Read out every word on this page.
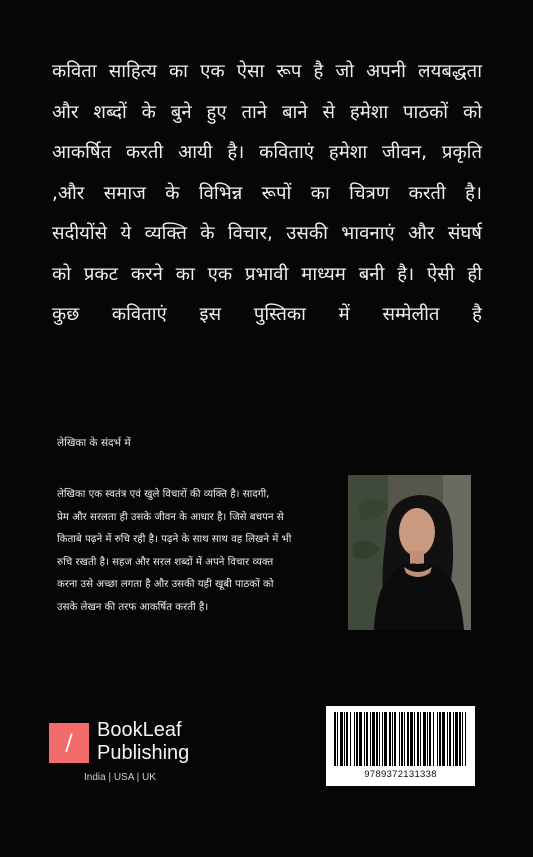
कविता साहित्य का एक ऐसा रूप है जो अपनी लयबद्धता
और शब्दों के बुने हुए ताने बाने से हमेशा पाठकों को
आकर्षित करती आयी है। कविताएं हमेशा जीवन, प्रकृति
,और समाज के विभिन्न रूपों का चित्रण करती है।
सदीयोंसे ये व्यक्ति के विचार, उसकी भावनाएं और संघर्ष
को प्रकट करने का एक प्रभावी माध्यम बनी है। ऐसी ही
कुछ कविताएं इस पुस्तिका में सम्मेलीत है
लेखिका के संदर्भ में
लेखिका एक स्वतंत्र एवं खुले विचारों की व्यक्ति है। सादगी,
प्रेम और सरलता ही उसके जीवन के आधार है। जिसे बचपन से
किताबे पढ़ने में रुचि रही है। पढ़ने के साथ साथ वह लिखने में भी
रुचि रखती है। सहज और सरल शब्दों में अपने विचार व्यक्त
करना उसे अच्छा लगता है और उसकी यही खूबी पाठकों को
उसके लेखन की तरफ आकर्षित करती है।
/
BookLeaf
Publishing
India | USA | UK	9789372131338
